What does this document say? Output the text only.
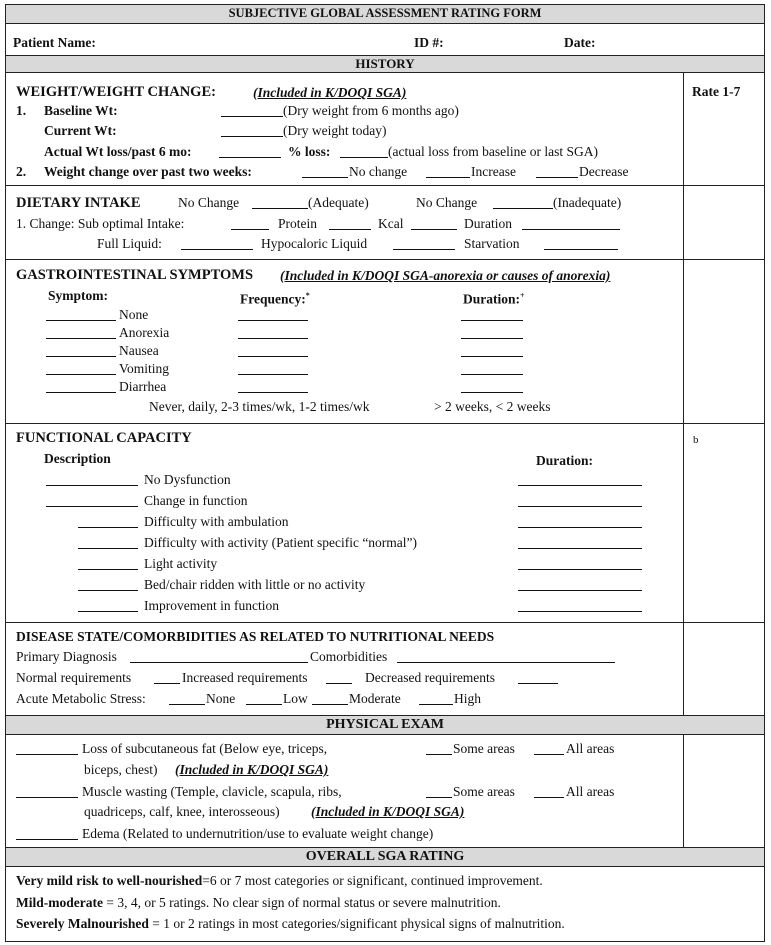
SUBJECTIVE GLOBAL ASSESSMENT RATING FORM
Patient Name:	ID #:	Date:
HISTORY
Rate 1-7
WEIGHT/WEIGHT CHANGE:	(Included in K/DOQI SGA)
1. Baseline Wt:	(Dry weight from 6 months ago)
Current Wt:	(Dry weight today)
Actual Wt loss/past 6 mo:	% loss:	(actual loss from baseline or last SGA)
2. Weight change over past two weeks:	No change	Increase	Decrease
DIETARY INTAKE	No Change	(Adequate)	No Change	(Inadequate)
1. Change: Sub optimal Intake:	Protein	Kcal	Duration
Full Liquid:	Hypocaloric Liquid	Starvation
GASTROINTESTINAL SYMPTOMS (Included in K/DOQI SGA-anorexia or causes of anorexia)
Symptom:	Frequency:*	Duration:+
None
Anorexia
Nausea
Vomiting
Diarrhea
Never, daily, 2-3 times/wk, 1-2 times/wk	> 2 weeks, < 2 weeks
FUNCTIONAL CAPACITY	b
Description	Duration:
No Dysfunction
Change in function
Difficulty with ambulation
Difficulty with activity (Patient specific “normal”)
Light activity
Bed/chair ridden with little or no activity
Improvement in function
DISEASE STATE/COMORBIDITIES AS RELATED TO NUTRITIONAL NEEDS
Primary Diagnosis	Comorbidities
Normal requirements	Increased requirements	Decreased requirements
Acute Metabolic Stress:	None	Low	Moderate	High
PHYSICAL EXAM
Loss of subcutaneous fat (Below eye, triceps,	Some areas	All areas
biceps, chest) (Included in K/DOQI SGA)
Muscle wasting (Temple, clavicle, scapula, ribs,	Some areas	All areas
quadriceps, calf, knee, interosseous) (Included in K/DOQI SGA)
Edema (Related to undernutrition/use to evaluate weight change)
OVERALL SGA RATING
Very mild risk to well-nourished=6 or 7 most categories or significant, continued improvement.
Mild-moderate = 3, 4, or 5 ratings. No clear sign of normal status or severe malnutrition.
Severely Malnourished = 1 or 2 ratings in most categories/significant physical signs of malnutrition.
